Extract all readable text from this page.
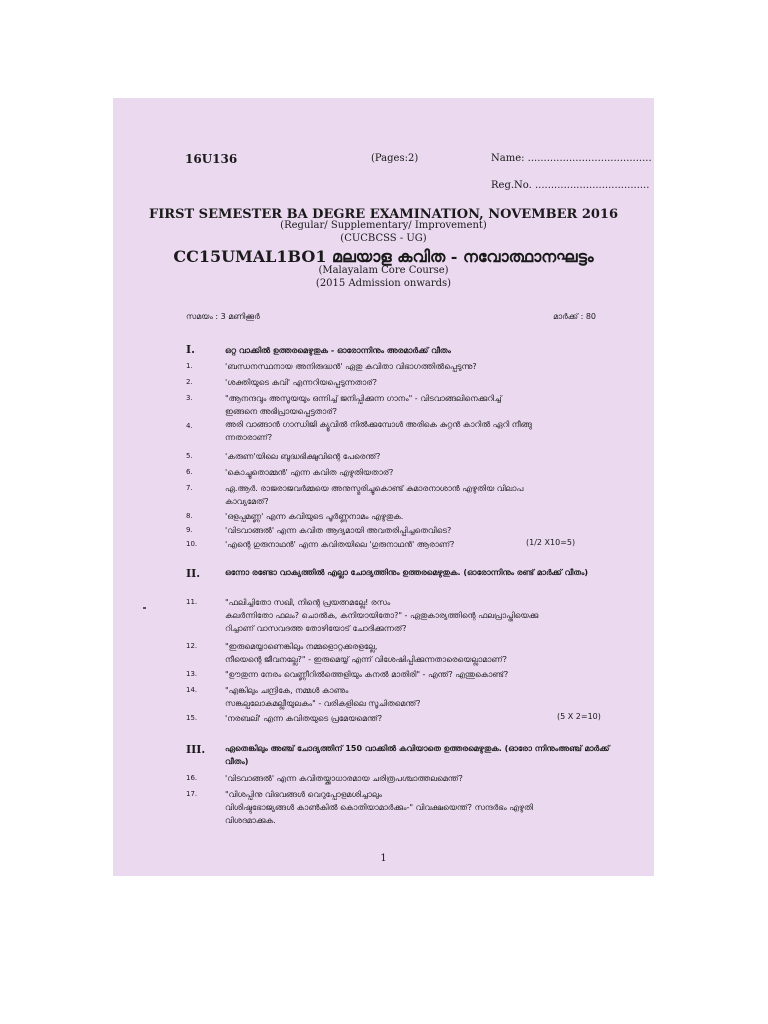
16U136	(Pages:2)	Name: .......................................
Reg.No. ....................................
FIRST SEMESTER BA DEGRE EXAMINATION, NOVEMBER 2016
(Regular/ Supplementary/ Improvement)
(CUCBCSS - UG)
CC15UMAL1BO1 മലയാള കവിത - നവോത്ഥാനഘട്ടം
(Malayalam Core Course)
(2015 Admission onwards)
സമയം : 3 മണിക്കൂർ	മാർക്ക് : 80
I.	ഒറ്റ വാക്കിൽ ഉത്തരമെഴുതുക - ഓരോന്നിനും അരമാർക്ക് വീതം
1.	'ബന്ധനസ്ഥനായ അനിരുദ്ധൻ' ഏതു കവിതാ വിഭാഗത്തിൽപ്പെടുന്നു?
2.	'ശക്തിയുടെ കവി' എന്നറിയപ്പെടുന്നതാര്?
3.	"ആനന്ദവും അസൂയയും ഒന്നിച്ച് ജനിപ്പിക്കുന്ന ഗാനം" - വിടവാങ്ങലിനെക്കുറിച്ച്
ഇങ്ങനെ അഭിപ്രായപ്പെട്ടതാര്?
4.	അരി വാങ്ങാൻ ഗാന്ധിജി ക്യൂവിൽ നിൽക്കുമ്പോൾ അരികെ കുറ്റൻ കാറിൽ ഏറി നീങ്ങു
ന്നതാരാണ്?
5.	'കരുണ'യിലെ ബുദ്ധഭിക്ഷുവിന്റെ പേരെന്ത്?
6.	'കൊച്ചുതൊമ്മൻ' എന്ന കവിത എഴുതിയതാര്?
7.	ഏ.ആർ. രാജരാജവർമ്മയെ അനുസ്മരിച്ചുകൊണ്ട് കുമാരനാശാൻ എഴുതിയ വിലാപ
കാവ്യമേത്?
8.	'ഒളപ്പമണ്ണ' എന്ന കവിയുടെ പൂർണ്ണനാമം എഴുതുക.
9.	'വിടവാങ്ങൽ' എന്ന കവിത ആദ്യമായി അവതരിപ്പിച്ചതെവിടെ?
10.	'എന്റെ ഗുരുനാഥൻ' എന്ന കവിതയിലെ 'ഗുരുനാഥൻ' ആരാണ്?	(1/2 X10=5)
II.	ഒന്നോ രണ്ടോ വാക്യത്തിൽ എല്ലാ ചോദ്യത്തിനും ഉത്തരമെഴുതുക. (ഓരോന്നിനും രണ്ട് മാർക്ക് വീതം)
11.	"ഫലിച്ചിതോ സഖി, നിന്റെ പ്രയത്നമല്ലേ! രസം
കലർന്നിതോ ഫലം? ചൊൽക, കനിയായിതോ?" - ഏതുകാര്യത്തിന്റെ ഫലപ്രാപ്തിയെക്കു
റിച്ചാണ് വാസവദത്ത തോഴിയോട് ചോദിക്കുന്നത്?
12.	"ഇരുമെയ്യാണെങ്കിലും നമ്മളൊറ്റക്കരളല്ലേ,
നീയെന്റെ ജീവനല്ലേ?" - ഇരുമെയ്യ് എന്ന് വിശേഷിപ്പിക്കുന്നതാരെയെല്ലാമാണ്?
13.	"ഊതുന്ന നേരം വെണ്ണീറിൽത്തെളിയും കനൽ മാതിരി" - എന്ത്? എന്തുകൊണ്ട്?
14.	"എങ്കിലും ചന്ദ്രികേ, നമ്മൾ കാണും
സങ്കല്പലോകമല്ലീയുലകം" - വരികളിലെ സൂചിതമെന്ത്?
15.	'നരബലി' എന്ന കവിതയുടെ പ്രമേയമെന്ത്?	(5 X 2=10)
III. ഏതെങ്കിലും അഞ്ച് ചോദ്യത്തിന് 150 വാക്കിൽ കവിയാതെ ഉത്തരമെഴുതുക. (ഓരോ ന്നിനുംഅഞ്ച് മാർക്ക് വീതം)
16.	'വിടവാങ്ങൽ' എന്ന കവിതയ്ക്കാധാരമായ ചരിത്രപശ്ചാത്തലമെന്ത്?
17.	"വിശപ്പിനു വിഭവങ്ങൾ വെറുപ്പോളമശിച്ചാലും
വിശിഷ്ടഭോജ്യങ്ങൾ കാൺകിൽ കൊതിയാമാർക്കും-" വിവക്ഷയെന്ത്? സന്ദർഭം എഴുതി
വിശദമാക്കുക.
1
